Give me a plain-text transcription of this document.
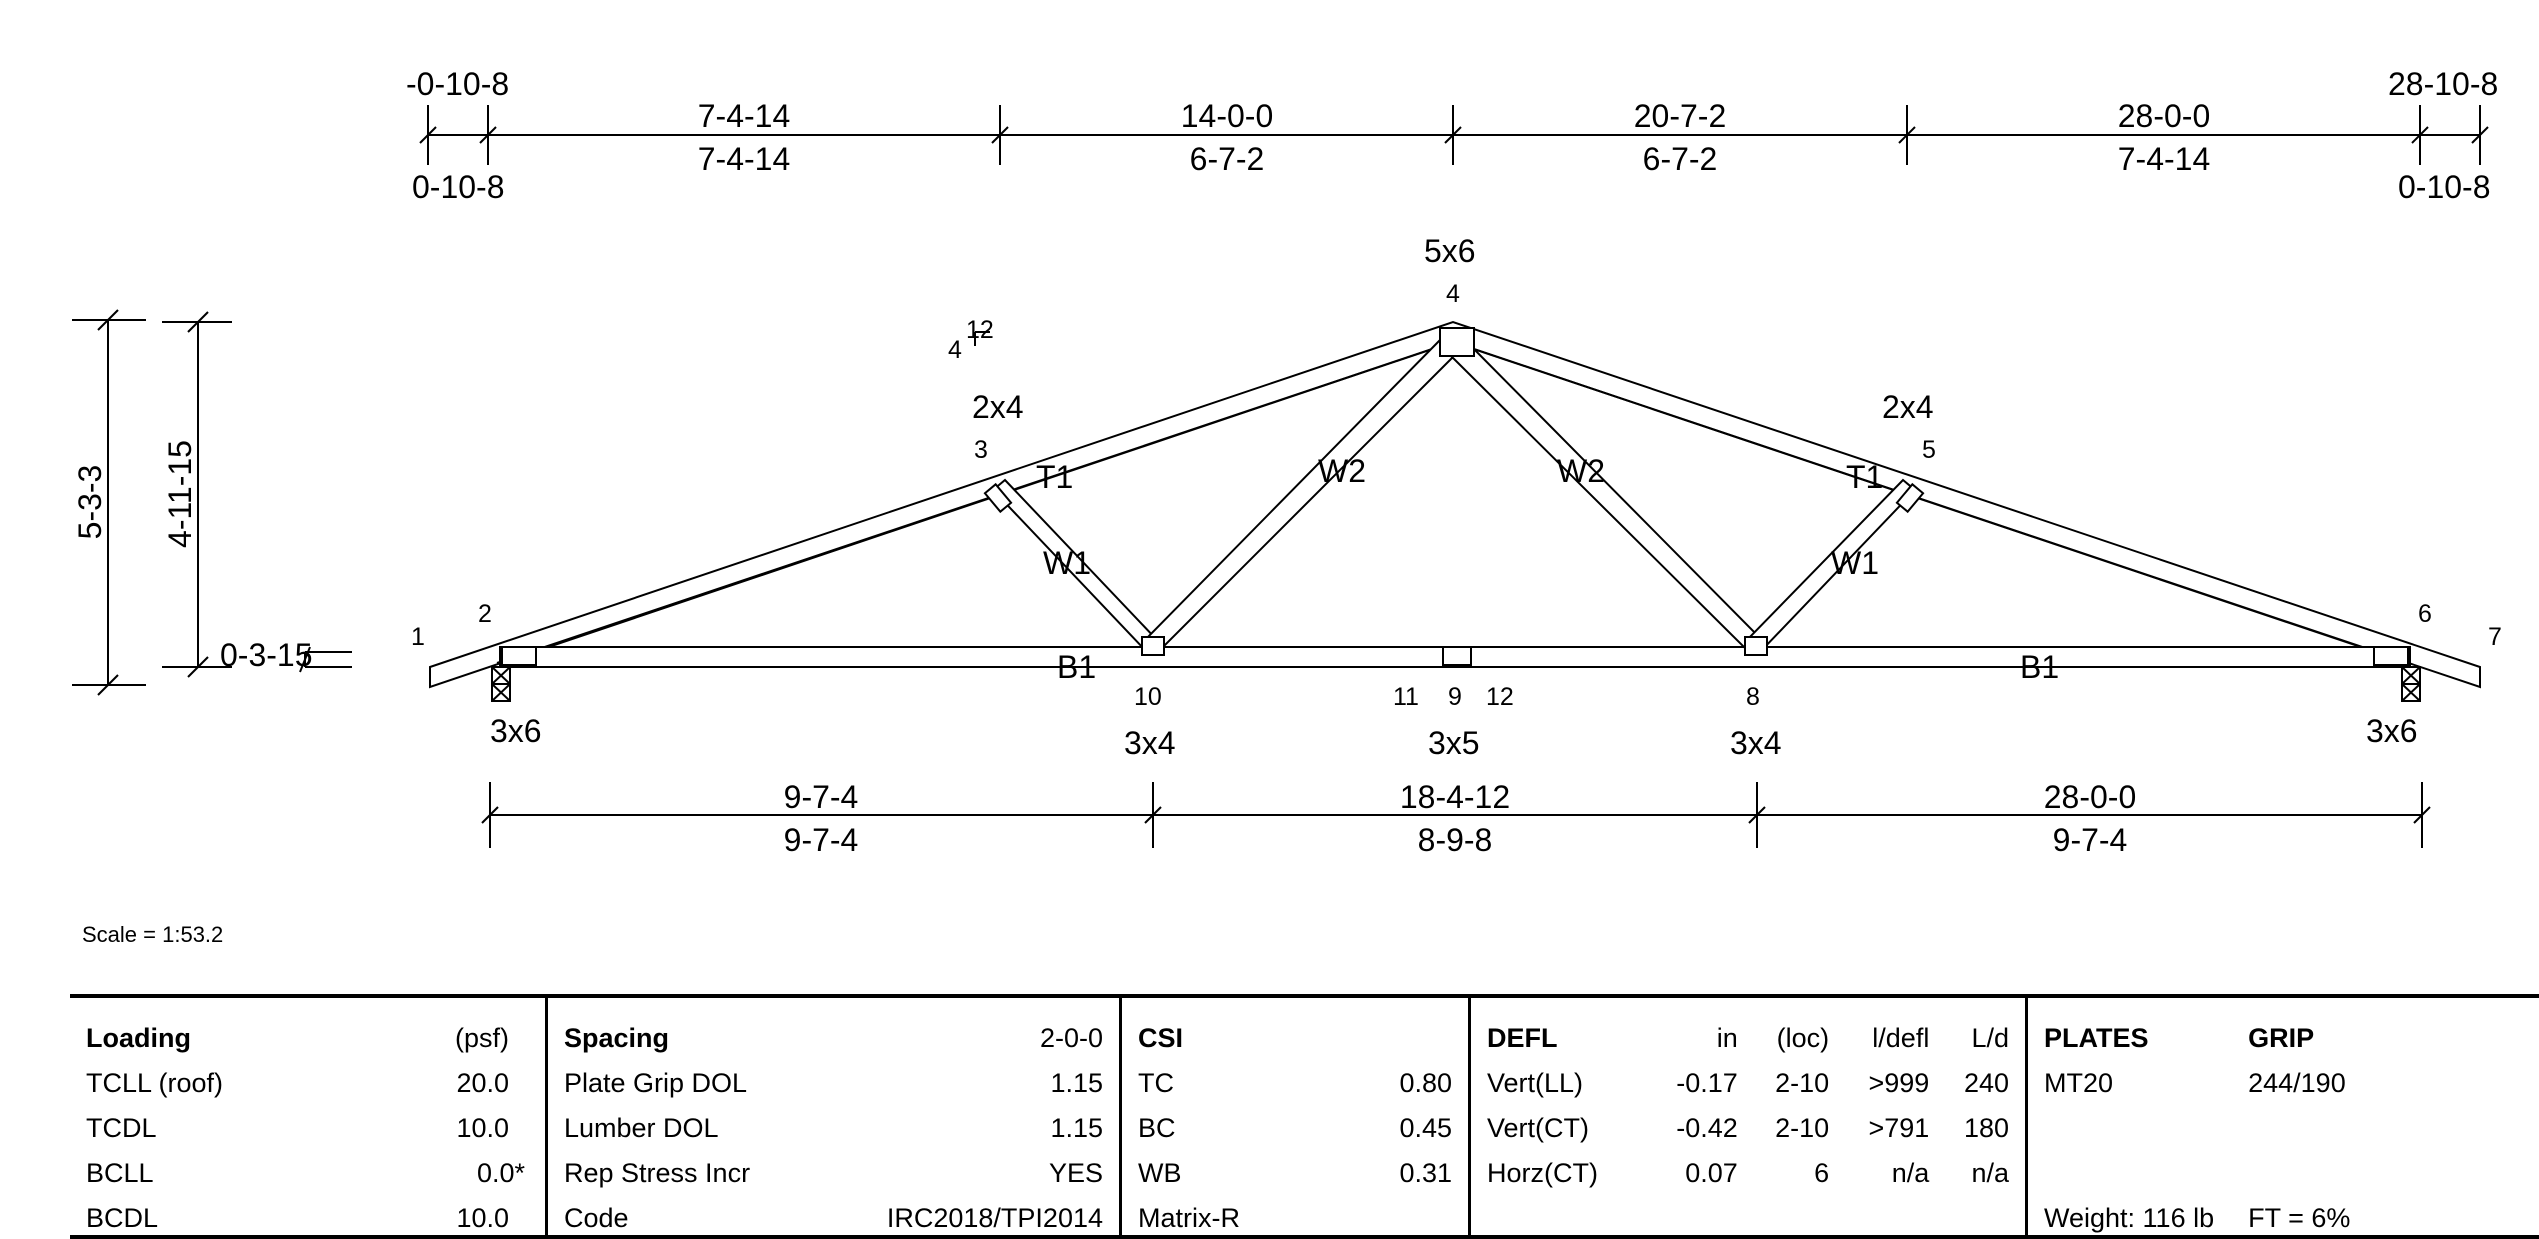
-0-10-8
0-10-8
28-10-8
0-10-8
7-4-14	14-0-0	20-7-2	28-0-0
7-4-14	6-7-2	6-7-2	7-4-14
5-3-3 4-11-15
0-3-15
4
12
1
2
3
4
5
6
7
8
9
10	11	12
5x6
2x4	2x4
3x6	3x6
3x4	3x5	3x4
T1	T1
W1
W2	W2
W1
B1	B1
9-7-4	18-4-12	28-0-0
9-7-4	8-9-8	9-7-4
Scale = 1:53.2
Loading	(psf)
TCLL (roof)	20.0
TCDL	10.0
BCLL	0.0*
BCDL	10.0

Spacing	2-0-0
Plate Grip DOL	1.15
Lumber DOL	1.15
Rep Stress Incr	YES
Code	IRC2018/TPI2014

CSI	
TC	0.80
BC	0.45
WB	0.31
Matrix-R	

DEFL	in	(loc)	l/defl	L/d
Vert(LL)	-0.17	2-10	>999	240
Vert(CT)	-0.42	2-10	>791	180
Horz(CT)	0.07	6	n/a	n/a

PLATES	GRIP
MT20	244/190

Weight: 116 lb	FT = 6%
